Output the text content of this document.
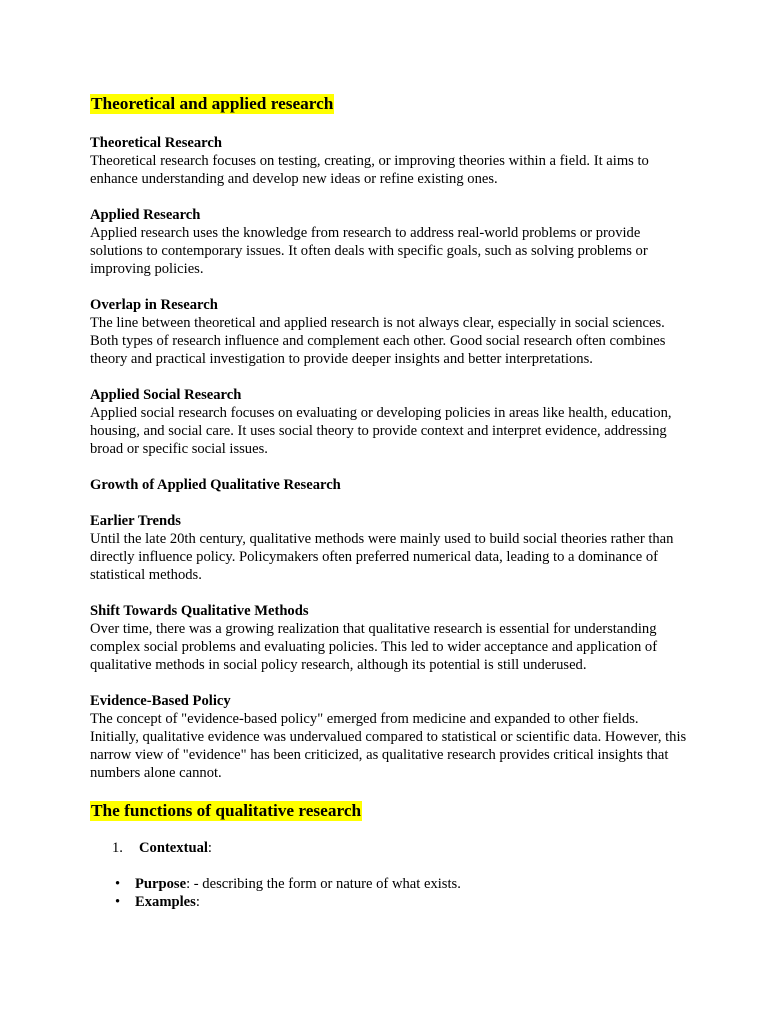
Theoretical and applied research
Theoretical Research
Theoretical research focuses on testing, creating, or improving theories within a field. It aims to enhance understanding and develop new ideas or refine existing ones.
Applied Research
Applied research uses the knowledge from research to address real-world problems or provide solutions to contemporary issues. It often deals with specific goals, such as solving problems or improving policies.
Overlap in Research
The line between theoretical and applied research is not always clear, especially in social sciences. Both types of research influence and complement each other. Good social research often combines theory and practical investigation to provide deeper insights and better interpretations.
Applied Social Research
Applied social research focuses on evaluating or developing policies in areas like health, education, housing, and social care. It uses social theory to provide context and interpret evidence, addressing broad or specific social issues.
Growth of Applied Qualitative Research
Earlier Trends
Until the late 20th century, qualitative methods were mainly used to build social theories rather than directly influence policy. Policymakers often preferred numerical data, leading to a dominance of statistical methods.
Shift Towards Qualitative Methods
Over time, there was a growing realization that qualitative research is essential for understanding complex social problems and evaluating policies. This led to wider acceptance and application of qualitative methods in social policy research, although its potential is still underused.
Evidence-Based Policy
The concept of "evidence-based policy" emerged from medicine and expanded to other fields. Initially, qualitative evidence was undervalued compared to statistical or scientific data. However, this narrow view of "evidence" has been criticized, as qualitative research provides critical insights that numbers alone cannot.
The functions of qualitative research
1. Contextual:
• Purpose: - describing the form or nature of what exists.
• Examples:
